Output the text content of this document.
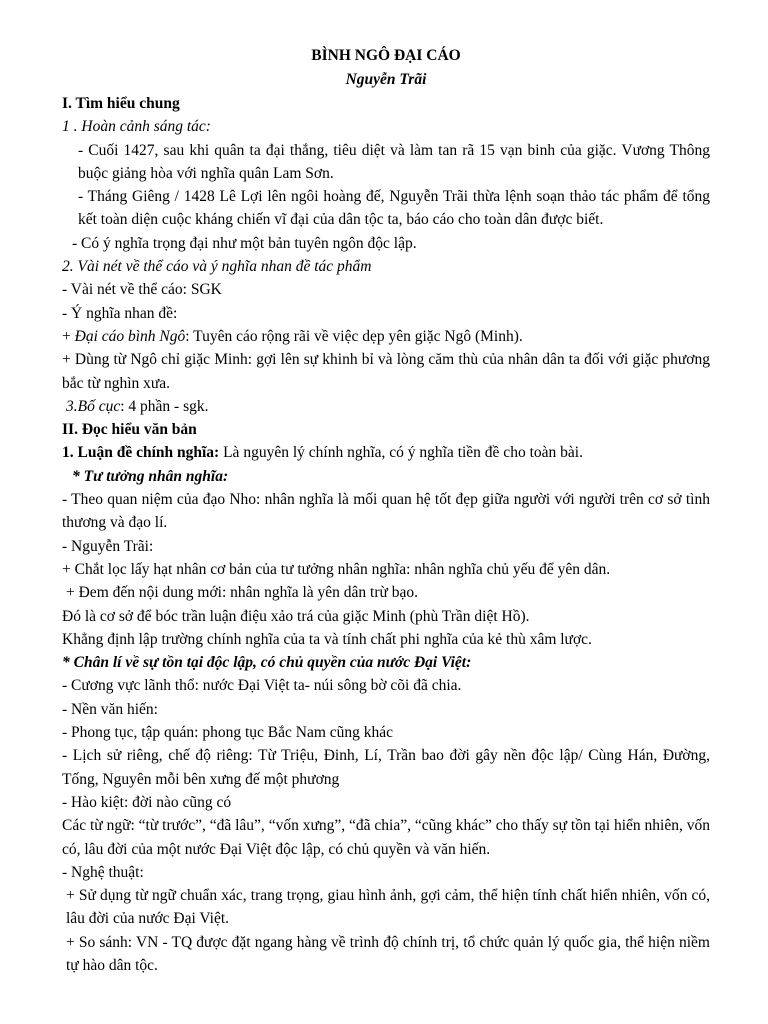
BÌNH NGÔ ĐẠI CÁO
Nguyễn Trãi

I. Tìm hiểu chung

1 . Hoàn cảnh sáng tác:

- Cuối 1427, sau khi quân ta đại thắng, tiêu diệt và làm tan rã 15 vạn binh của giặc. Vương Thông buộc giảng hòa với nghĩa quân Lam Sơn.

- Tháng Giêng / 1428 Lê Lợi lên ngôi hoàng đế, Nguyễn Trãi thừa lệnh soạn thảo tác phẩm để tổng kết toàn diện cuộc kháng chiến vĩ đại của dân tộc ta, báo cáo cho toàn dân được biết.

- Có ý nghĩa trọng đại như một bản tuyên ngôn độc lập.

2. Vài nét về thể cáo và ý nghĩa nhan đề tác phẩm

- Vài nét về thể cáo: SGK

- Ý nghĩa nhan đề:

+ Đại cáo bình Ngô: Tuyên cáo rộng rãi về việc dẹp yên giặc Ngô (Minh).

+ Dùng từ Ngô chỉ giặc Minh: gợi lên sự khinh bỉ và lòng căm thù của nhân dân ta đối với giặc phương bắc từ nghìn xưa.

3.Bố cục: 4 phần - sgk.

II. Đọc hiểu văn bản

1. Luận đề chính nghĩa: Là nguyên lý chính nghĩa, có ý nghĩa tiền đề cho toàn bài.

* Tư tưởng nhân nghĩa:

- Theo quan niệm của đạo Nho: nhân nghĩa là mối quan hệ tốt đẹp giữa người với người trên cơ sở tình thương và đạo lí.

- Nguyễn Trãi:

+ Chắt lọc lấy hạt nhân cơ bản của tư tưởng nhân nghĩa: nhân nghĩa chủ yếu để yên dân.

+ Đem đến nội dung mới: nhân nghĩa là yên dân trừ bạo.

Đó là cơ sở để bóc trần luận điệu xảo trá của giặc Minh (phù Trần diệt Hồ).

Khẳng định lập trường chính nghĩa của ta và tính chất phi nghĩa của kẻ thù xâm lược.

* Chân lí về sự tồn tại độc lập, có chủ quyền của nước Đại Việt:

- Cương vực lãnh thổ: nước Đại Việt ta- núi sông bờ cõi đã chia.

- Nền văn hiến:

- Phong tục, tập quán: phong tục Bắc Nam cũng khác

- Lịch sử riêng, chế độ riêng: Từ Triệu, Đinh, Lí, Trần bao đời gây nền độc lập/ Cùng Hán, Đường, Tống, Nguyên mỗi bên xưng đế một phương

- Hào kiệt: đời nào cũng có

Các từ ngữ: “từ trước”, “đã lâu”, “vốn xưng”, “đã chia”, “cũng khác” cho thấy sự tồn tại hiển nhiên, vốn có, lâu đời của một nước Đại Việt độc lập, có chủ quyền và văn hiến.

- Nghệ thuật:

+ Sử dụng từ ngữ chuẩn xác, trang trọng, giau hình ảnh, gợi cảm, thể hiện tính chất hiển nhiên, vốn có, lâu đời của nước Đại Việt.

+ So sánh: VN - TQ được đặt ngang hàng về trình độ chính trị, tổ chức quản lý quốc gia, thể hiện niềm tự hào dân tộc.
